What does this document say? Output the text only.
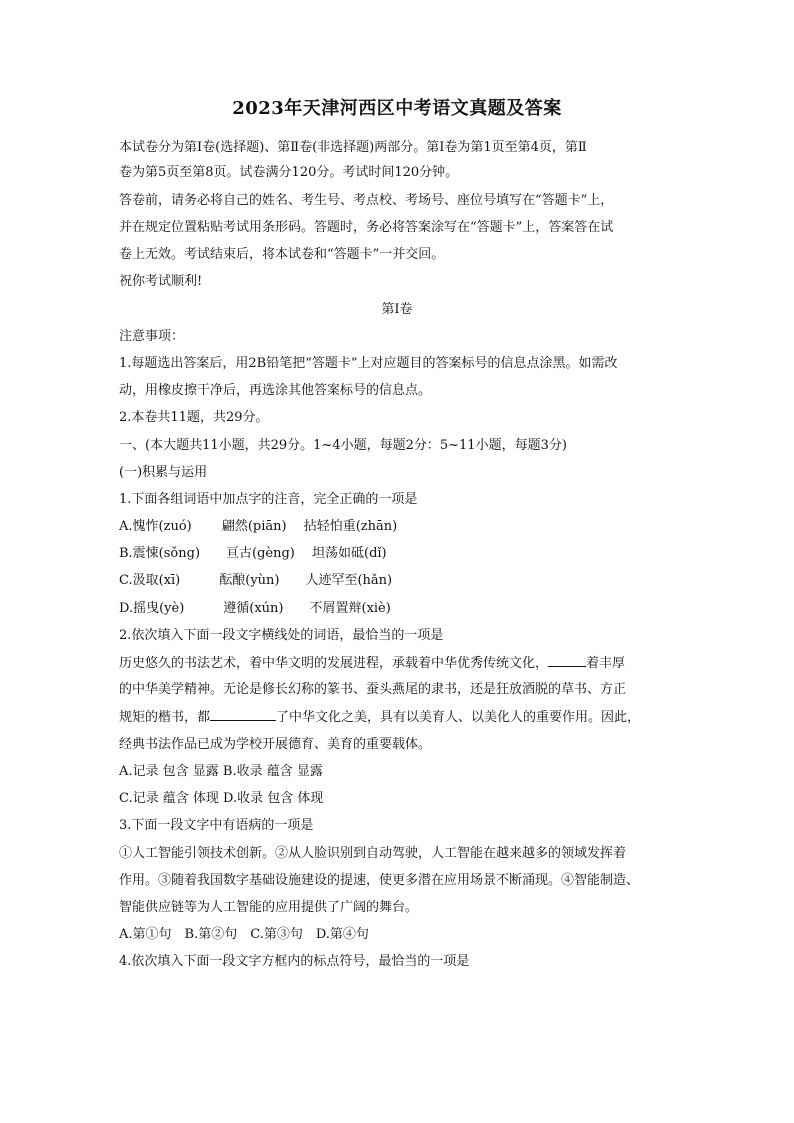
2023年天津河西区中考语文真题及答案
本试卷分为第Ⅰ卷(选择题)、第Ⅱ卷(非选择题)两部分。第Ⅰ卷为第1页至第4页，第Ⅱ
卷为第5页至第8页。试卷满分120分。考试时间120分钟。
答卷前，请务必将自己的姓名、考生号、考点校、考场号、座位号填写在“答题卡”上，
并在规定位置粘贴考试用条形码。答题时，务必将答案涂写在“答题卡”上，答案答在试
卷上无效。考试结束后，将本试卷和“答题卡”一并交回。
祝你考试顺利!
第Ⅰ卷
注意事项：
1.每题选出答案后，用2B铅笔把“答题卡”上对应题目的答案标号的信息点涂黑。如需改
动，用橡皮擦干净后，再选涂其他答案标号的信息点。
2.本卷共11题，共29分。
一、(本大题共11小题，共29分。1~4小题，每题2分：5~11小题，每题3分)
(一)积累与运用
1.下面各组词语中加点字的注音，完全正确的一项是
A.愧怍(zuó)　　 翩然(piān)　 拈轻怕重(zhān)
B.震悚(sǒng)　　亘古(gèng)　 坦荡如砥(dǐ)
C.汲取(xī)　　　酝酿(yùn)　　人迹罕至(hǎn)
D.摇曳(yè)　　　遵循(xún)　　不屑置辩(xiè)
2.依次填入下面一段文字横线处的词语，最恰当的一项是
历史悠久的书法艺术，着中华文明的发展进程，承载着中华优秀传统文化，	着丰厚
的中华美学精神。无论是修长幻称的篆书、蚕头燕尾的隶书，还是狂放酒脱的草书、方正
规矩的楷书，都	了中华文化之美，具有以美育人、以美化人的重要作用。因此，
经典书法作品已成为学校开展德育、美育的重要载体。
A.记录 包含 显露 B.收录 蕴含 显露
C.记录 蕴含 体现 D.收录 包含 体现
3.下面一段文字中有语病的一项是
①人工智能引领技术创新。②从人脸识别到自动驾驶，人工智能在越来越多的领域发挥着
作用。③随着我国数字基础设施建设的提速，使更多潜在应用场景不断涌现。④智能制造、
智能供应链等为人工智能的应用提供了广阔的舞台。
A.第①句　B.第②句　C.第③句　D.第④句
4.依次填入下面一段文字方框内的标点符号，最恰当的一项是
